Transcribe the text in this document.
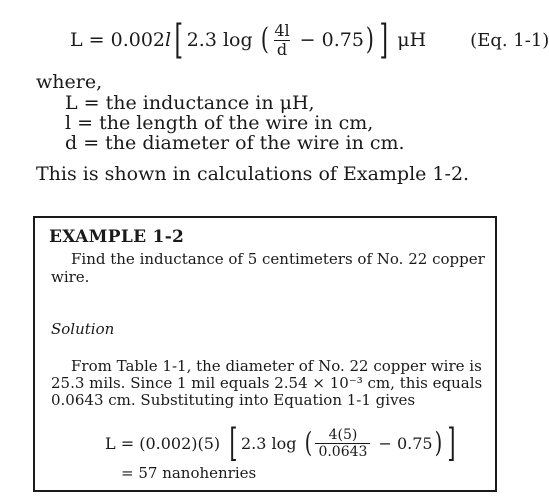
L = 0.002 l [ 2.3 log ( $\frac{4l}{d} - 0.75$ ) ] μH (Eq. 1-1)
where,
L = the inductance in μH,
l = the length of the wire in cm,
d = the diameter of the wire in cm.
This is shown in calculations of Example 1-2.
EXAMPLE 1-2
Find the inductance of 5 centimeters of No. 22 copper
wire.
Solution
From Table 1-1, the diameter of No. 22 copper wire is
25.3 mils. Since 1 mil equals 2.54 × 10⁻³ cm, this equals
0.0643 cm. Substituting into Equation 1-1 gives
L = (0.002)(5) [ 2.3 log ( $\frac{4(5)}{0.0643} - 0.75$ ) ]
= 57 nanohenries
